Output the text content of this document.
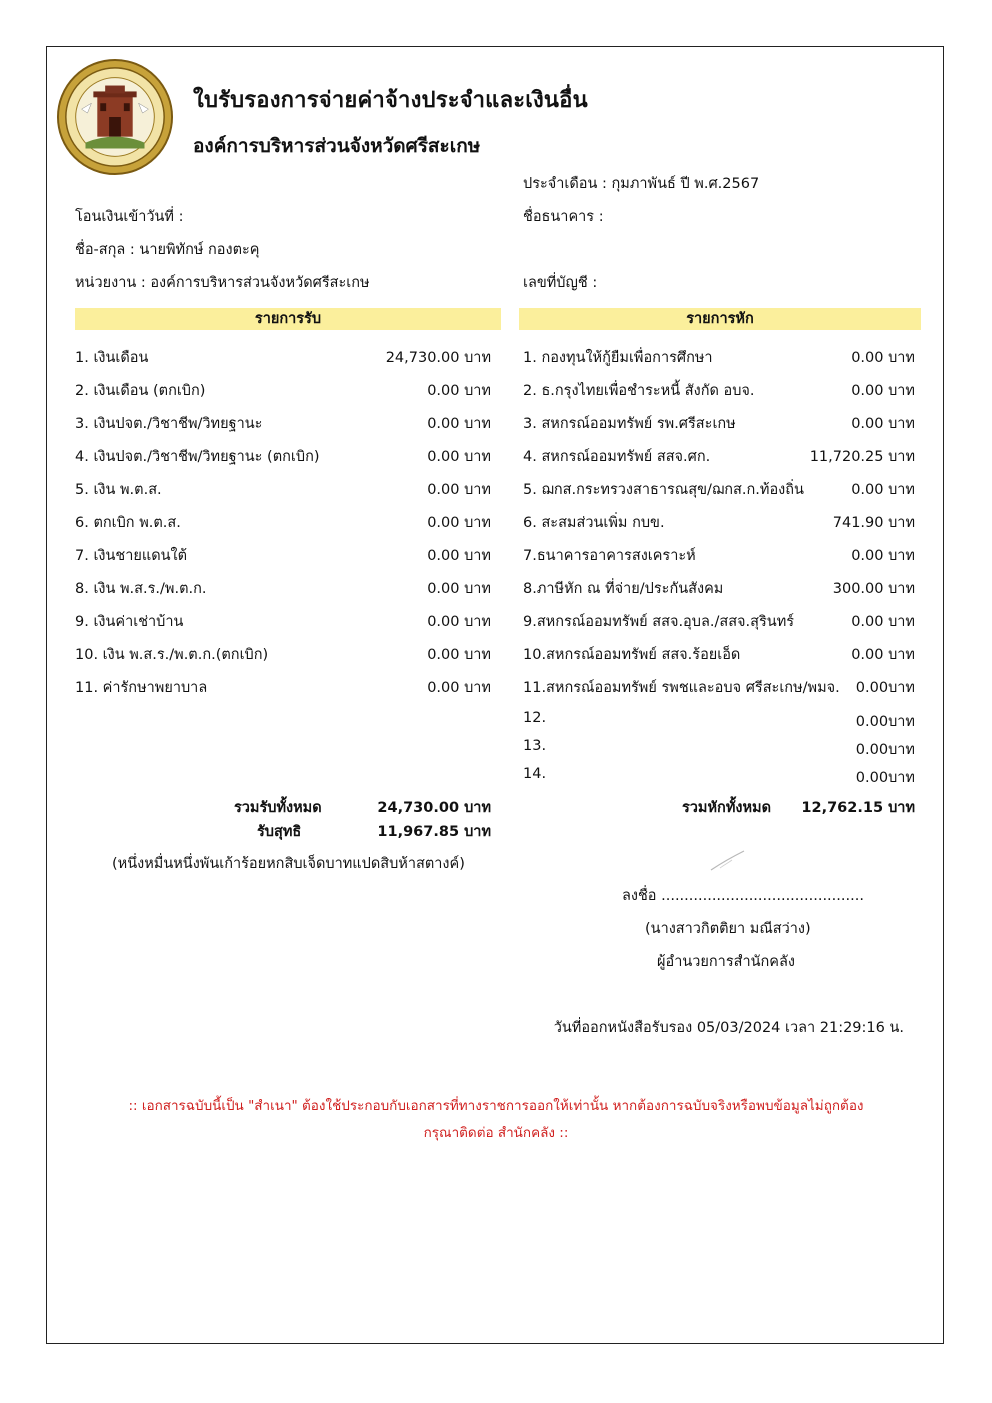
ใบรับรองการจ่ายค่าจ้างประจำและเงินอื่น
องค์การบริหารส่วนจังหวัดศรีสะเกษ
ประจำเดือน : กุมภาพันธ์ ปี พ.ศ.2567
โอนเงินเข้าวันที่ :	ชื่อธนาคาร :
ชื่อ-สกุล : นายพิทักษ์ กองตะคุ
หน่วยงาน : องค์การบริหารส่วนจังหวัดศรีสะเกษ	เลขที่บัญชี :
รายการรับ	รายการหัก
1. เงินเดือน	24,730.00 บาท
2. เงินเดือน (ตกเบิก)	0.00 บาท
3. เงินปจต./วิชาชีพ/วิทยฐานะ	0.00 บาท
4. เงินปจต./วิชาชีพ/วิทยฐานะ (ตกเบิก)	0.00 บาท
5. เงิน พ.ต.ส.	0.00 บาท
6. ตกเบิก พ.ต.ส.	0.00 บาท
7. เงินชายแดนใต้	0.00 บาท
8. เงิน พ.ส.ร./พ.ต.ก.	0.00 บาท
9. เงินค่าเช่าบ้าน	0.00 บาท
10. เงิน พ.ส.ร./พ.ต.ก.(ตกเบิก)	0.00 บาท
11. ค่ารักษาพยาบาล	0.00 บาท
1. กองทุนให้กู้ยืมเพื่อการศึกษา	0.00 บาท
2. ธ.กรุงไทยเพื่อชำระหนี้ สังกัด อบจ.	0.00 บาท
3. สหกรณ์ออมทรัพย์ รพ.ศรีสะเกษ	0.00 บาท
4. สหกรณ์ออมทรัพย์ สสจ.ศก.	11,720.25 บาท
5. ฌกส.กระทรวงสาธารณสุข/ฌกส.ก.ท้องถิ่น	0.00 บาท
6. สะสมส่วนเพิ่ม กบข.	741.90 บาท
7.ธนาคารอาคารสงเคราะห์	0.00 บาท
8.ภาษีหัก ณ ที่จ่าย/ประกันสังคม	300.00 บาท
9.สหกรณ์ออมทรัพย์ สสจ.อุบล./สสจ.สุรินทร์	0.00 บาท
10.สหกรณ์ออมทรัพย์ สสจ.ร้อยเอ็ด	0.00 บาท
11.สหกรณ์ออมทรัพย์ รพชและอบจ ศรีสะเกษ/พมจ. 0.00บาท
12.	0.00บาท
13.	0.00บาท
14.	0.00บาท
รวมรับทั้งหมด	24,730.00 บาท
รับสุทธิ	11,967.85 บาท
(หนึ่งหมื่นหนึ่งพันเก้าร้อยหกสิบเจ็ดบาทแปดสิบห้าสตางค์)
รวมหักทั้งหมด 12,762.15 บาท
ลงชื่อ ............................................
(นางสาวกิตติยา มณีสว่าง)
ผู้อำนวยการสำนักคลัง
วันที่ออกหนังสือรับรอง 05/03/2024 เวลา 21:29:16 น.
:: เอกสารฉบับนี้เป็น "สำเนา" ต้องใช้ประกอบกับเอกสารที่ทางราชการออกให้เท่านั้น หากต้องการฉบับจริงหรือพบข้อมูลไม่ถูกต้อง
กรุณาติดต่อ สำนักคลัง ::
